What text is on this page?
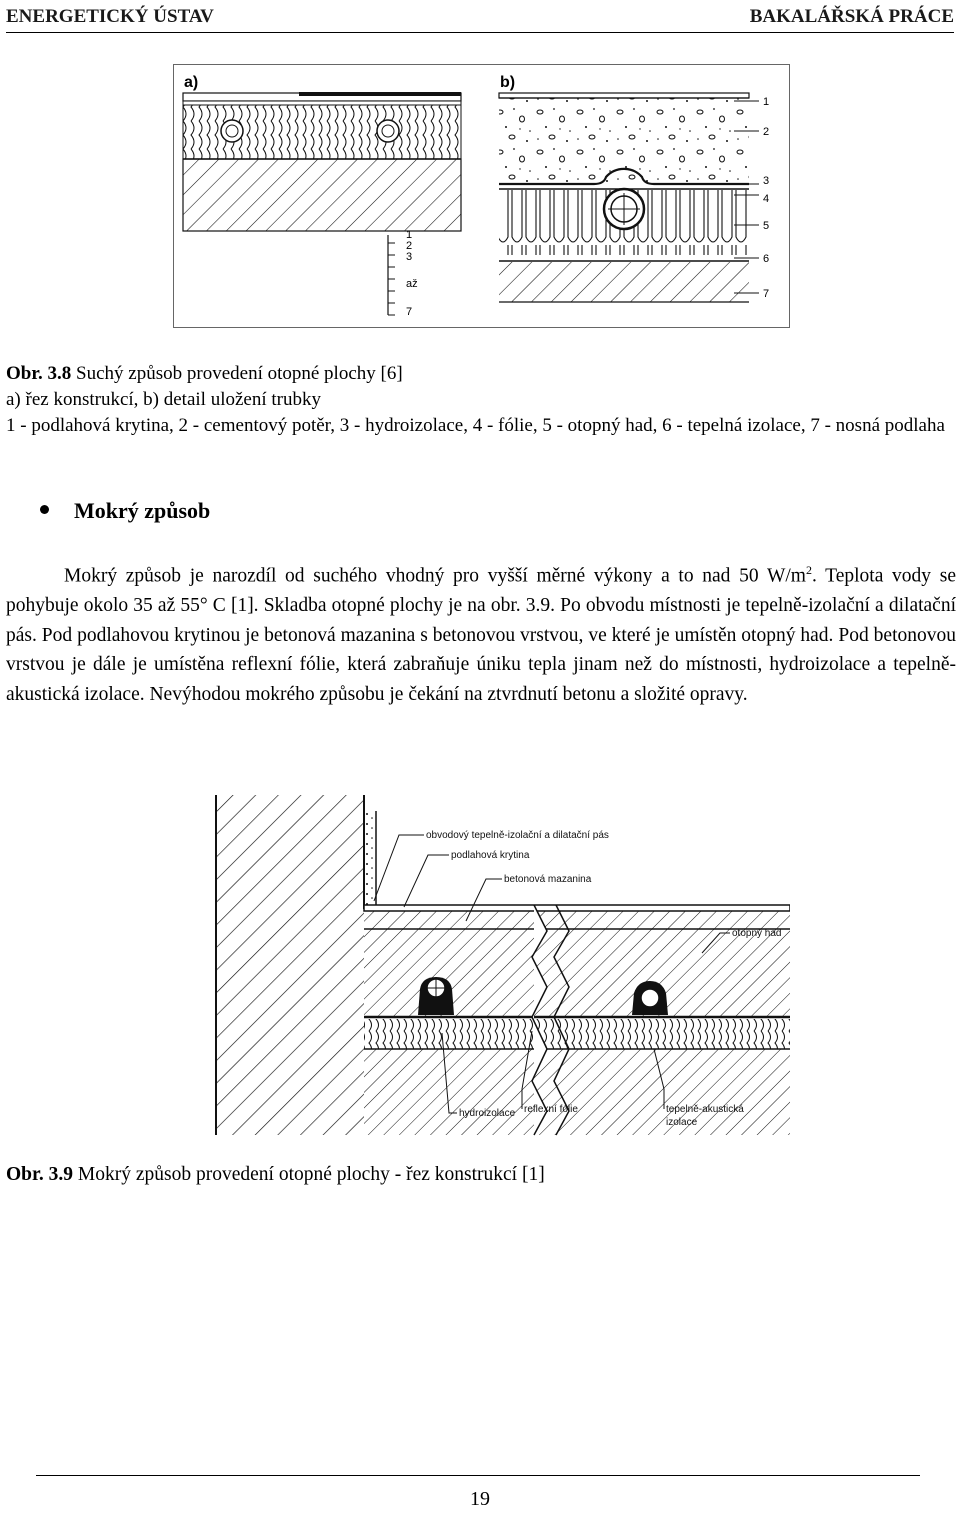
ENERGETICKÝ ÚSTAV	BAKALÁŘSKÁ PRÁCE
a)
1
2
3
až
7
b)
1
2
3
4
5
6
7

Obr. 3.8 Suchý způsob provedení otopné plochy [6]

a) řez konstrukcí, b) detail uložení trubky

1 - podlahová krytina, 2 - cementový potěr, 3 - hydroizolace, 4 - fólie, 5 - otopný had, 6 - tepelná izolace, 7 - nosná podlaha

Mokrý způsob

Mokrý způsob je narozdíl od suchého vhodný pro vyšší měrné výkony a to nad 50 $W/m^2$. Teplota vody se pohybuje okolo 35 až 55° C [1]. Skladba otopné plochy je na obr. 3.9. Po obvodu místnosti je tepelně-izolační a dilatační pás. Pod podlahovou krytinou je betonová mazanina s betonovou vrstvou, ve které je umístěn otopný had. Pod betonovou vrstvou je dále je umístěna reflexní fólie, která zabraňuje úniku tepla jinam než do místnosti, hydroizolace a tepelně-akustická izolace. Nevýhodou mokrého způsobu je čekání na ztvrdnutí betonu a složité opravy.

obvodový tepelně-izolační a dilatační pás
podlahová krytina
betonová mazanina
otopný had
reflexní fólie
hydroizolace	tepelně-akustická
izolace
Obr. 3.9 Mokrý způsob provedení otopné plochy - řez konstrukcí [1]
19
